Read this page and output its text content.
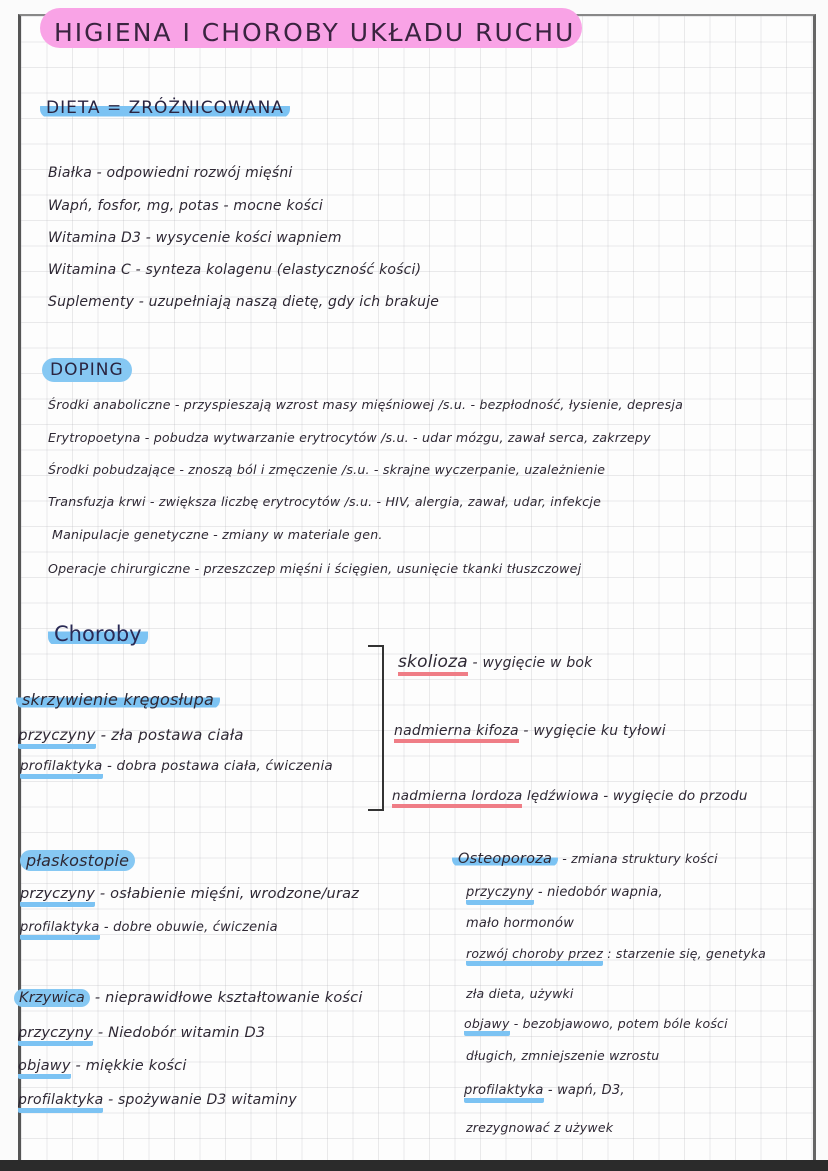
HIGIENA I CHOROBY UKŁADU RUCHU
DIETA = ZRÓŻNICOWANA
Białka - odpowiedni rozwój mięśni
Wapń, fosfor, mg, potas - mocne kości
Witamina D3 - wysycenie kości wapniem
Witamina C - synteza kolagenu (elastyczność kości)
Suplementy - uzupełniają naszą dietę, gdy ich brakuje
DOPING
Środki anaboliczne - przyspieszają wzrost masy mięśniowej /s.u. - bezpłodność, łysienie, depresja
Erytropoetyna - pobudza wytwarzanie erytrocytów /s.u. - udar mózgu, zawał serca, zakrzepy
Środki pobudzające - znoszą ból i zmęczenie /s.u. - skrajne wyczerpanie, uzależnienie
Transfuzja krwi - zwiększa liczbę erytrocytów /s.u. - HIV, alergia, zawał, udar, infekcje
Manipulacje genetyczne - zmiany w materiale gen.
Operacje chirurgiczne - przeszczep mięśni i ścięgien, usunięcie tkanki tłuszczowej
Choroby
skrzywienie kręgosłupa
przyczyny - zła postawa ciała
profilaktyka - dobra postawa ciała, ćwiczenia
skolioza - wygięcie w bok
nadmierna kifoza - wygięcie ku tyłowi
nadmierna lordoza lędźwiowa - wygięcie do przodu
płaskostopie
przyczyny - osłabienie mięśni, wrodzone/uraz
profilaktyka - dobre obuwie, ćwiczenia
Krzywica - nieprawidłowe kształtowanie kości
przyczyny - Niedobór witamin D3
objawy - miękkie kości
profilaktyka - spożywanie D3 witaminy
Osteoporoza - zmiana struktury kości
przyczyny - niedobór wapnia,
mało hormonów
rozwój choroby przez : starzenie się, genetyka
zła dieta, używki
objawy - bezobjawowo, potem bóle kości
długich, zmniejszenie wzrostu
profilaktyka - wapń, D3,
zrezygnować z używek
